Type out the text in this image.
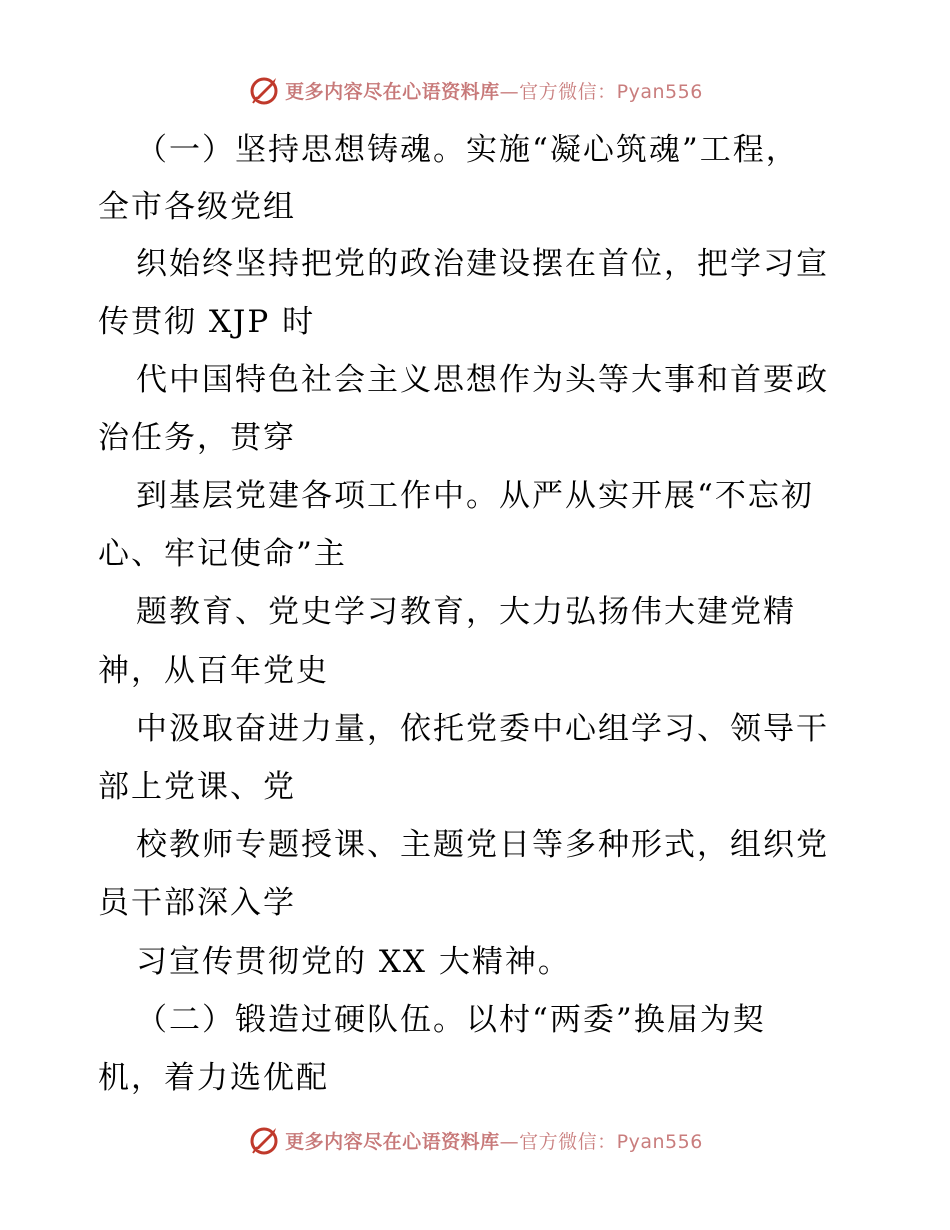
更多内容尽在心语资料库—官方微信：Pyan556
（一）坚持思想铸魂。实施“凝心筑魂”工程，
全市各级党组
织始终坚持把党的政治建设摆在首位，把学习宣
传贯彻 XJP 时
代中国特色社会主义思想作为头等大事和首要政
治任务，贯穿
到基层党建各项工作中。从严从实开展“不忘初
心、牢记使命”主
题教育、党史学习教育，大力弘扬伟大建党精
神，从百年党史
中汲取奋进力量，依托党委中心组学习、领导干
部上党课、党
校教师专题授课、主题党日等多种形式，组织党
员干部深入学
习宣传贯彻党的 XX 大精神。
（二）锻造过硬队伍。以村“两委”换届为契
机，着力选优配
更多内容尽在心语资料库—官方微信：Pyan556
